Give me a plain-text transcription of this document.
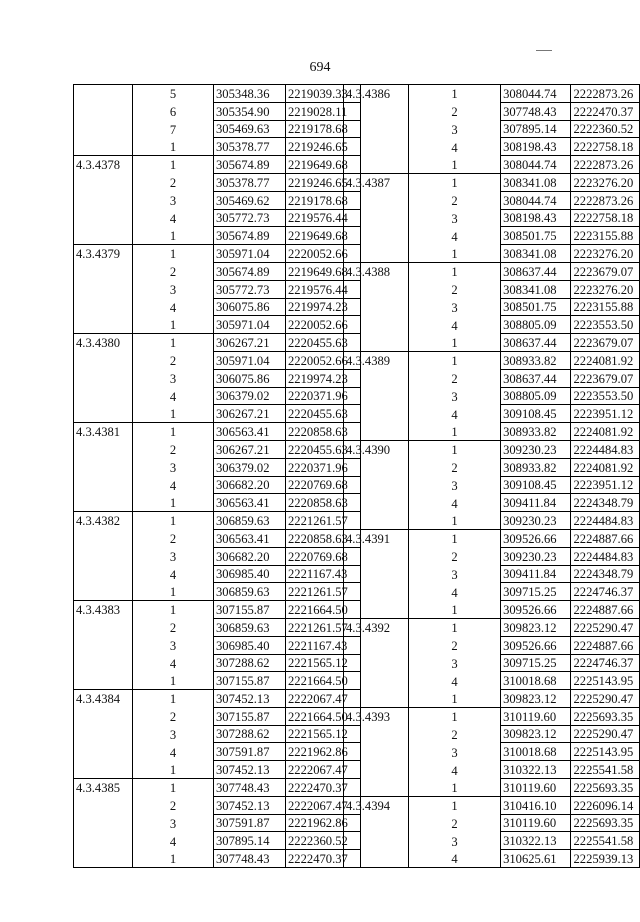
694
	5	305348.36	2219039.33
	6	305354.90	2219028.11
	7	305469.63	2219178.68
	1	305378.77	2219246.65
4.3.4378	1	305674.89	2219649.68
	2	305378.77	2219246.65
	3	305469.62	2219178.68
	4	305772.73	2219576.44
	1	305674.89	2219649.68
4.3.4379	1	305971.04	2220052.66
	2	305674.89	2219649.68
	3	305772.73	2219576.44
	4	306075.86	2219974.23
	1	305971.04	2220052.66
4.3.4380	1	306267.21	2220455.63
	2	305971.04	2220052.66
	3	306075.86	2219974.23
	4	306379.02	2220371.96
	1	306267.21	2220455.63
4.3.4381	1	306563.41	2220858.63
	2	306267.21	2220455.63
	3	306379.02	2220371.96
	4	306682.20	2220769.68
	1	306563.41	2220858.63
4.3.4382	1	306859.63	2221261.57
	2	306563.41	2220858.63
	3	306682.20	2220769.68
	4	306985.40	2221167.43
	1	306859.63	2221261.57
4.3.4383	1	307155.87	2221664.50
	2	306859.63	2221261.57
	3	306985.40	2221167.43
	4	307288.62	2221565.12
	1	307155.87	2221664.50
4.3.4384	1	307452.13	2222067.47
	2	307155.87	2221664.50
	3	307288.62	2221565.12
	4	307591.87	2221962.86
	1	307452.13	2222067.47
4.3.4385	1	307748.43	2222470.37
	2	307452.13	2222067.47
	3	307591.87	2221962.86
	4	307895.14	2222360.52
	1	307748.43	2222470.37
4.3.4386	1	308044.74	2222873.26
	2	307748.43	2222470.37
	3	307895.14	2222360.52
	4	308198.43	2222758.18
	1	308044.74	2222873.26
4.3.4387	1	308341.08	2223276.20
	2	308044.74	2222873.26
	3	308198.43	2222758.18
	4	308501.75	2223155.88
	1	308341.08	2223276.20
4.3.4388	1	308637.44	2223679.07
	2	308341.08	2223276.20
	3	308501.75	2223155.88
	4	308805.09	2223553.50
	1	308637.44	2223679.07
4.3.4389	1	308933.82	2224081.92
	2	308637.44	2223679.07
	3	308805.09	2223553.50
	4	309108.45	2223951.12
	1	308933.82	2224081.92
4.3.4390	1	309230.23	2224484.83
	2	308933.82	2224081.92
	3	309108.45	2223951.12
	4	309411.84	2224348.79
	1	309230.23	2224484.83
4.3.4391	1	309526.66	2224887.66
	2	309230.23	2224484.83
	3	309411.84	2224348.79
	4	309715.25	2224746.37
	1	309526.66	2224887.66
4.3.4392	1	309823.12	2225290.47
	2	309526.66	2224887.66
	3	309715.25	2224746.37
	4	310018.68	2225143.95
	1	309823.12	2225290.47
4.3.4393	1	310119.60	2225693.35
	2	309823.12	2225290.47
	3	310018.68	2225143.95
	4	310322.13	2225541.58
	1	310119.60	2225693.35
4.3.4394	1	310416.10	2226096.14
	2	310119.60	2225693.35
	3	310322.13	2225541.58
	4	310625.61	2225939.13
